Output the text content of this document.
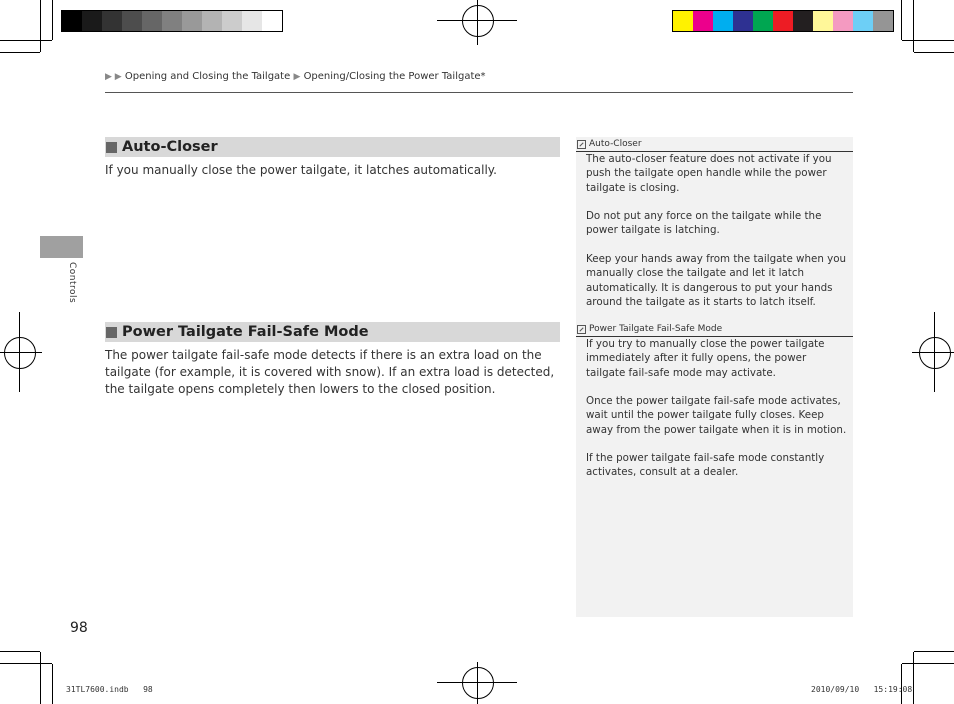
▶ ▶ Opening and Closing the Tailgate ▶ Opening/Closing the Power Tailgate*
Controls
Auto-Closer
If you manually close the power tailgate, it latches automatically.
Power Tailgate Fail-Safe Mode
The power tailgate fail-safe mode detects if there is an extra load on the tailgate (for example, it is covered with snow). If an extra load is detected, the tailgate opens completely then lowers to the closed position.
Auto-Closer
The auto-closer feature does not activate if you push the tailgate open handle while the power tailgate is closing.
Do not put any force on the tailgate while the power tailgate is latching.
Keep your hands away from the tailgate when you manually close the tailgate and let it latch automatically. It is dangerous to put your hands around the tailgate as it starts to latch itself.
Power Tailgate Fail-Safe Mode
If you try to manually close the power tailgate immediately after it fully opens, the power tailgate fail-safe mode may activate.
Once the power tailgate fail-safe mode activates, wait until the power tailgate fully closes. Keep away from the power tailgate when it is in motion.
If the power tailgate fail-safe mode constantly activates, consult at a dealer.
98
31TL7600.indb   98	2010/09/10   15:19:08
